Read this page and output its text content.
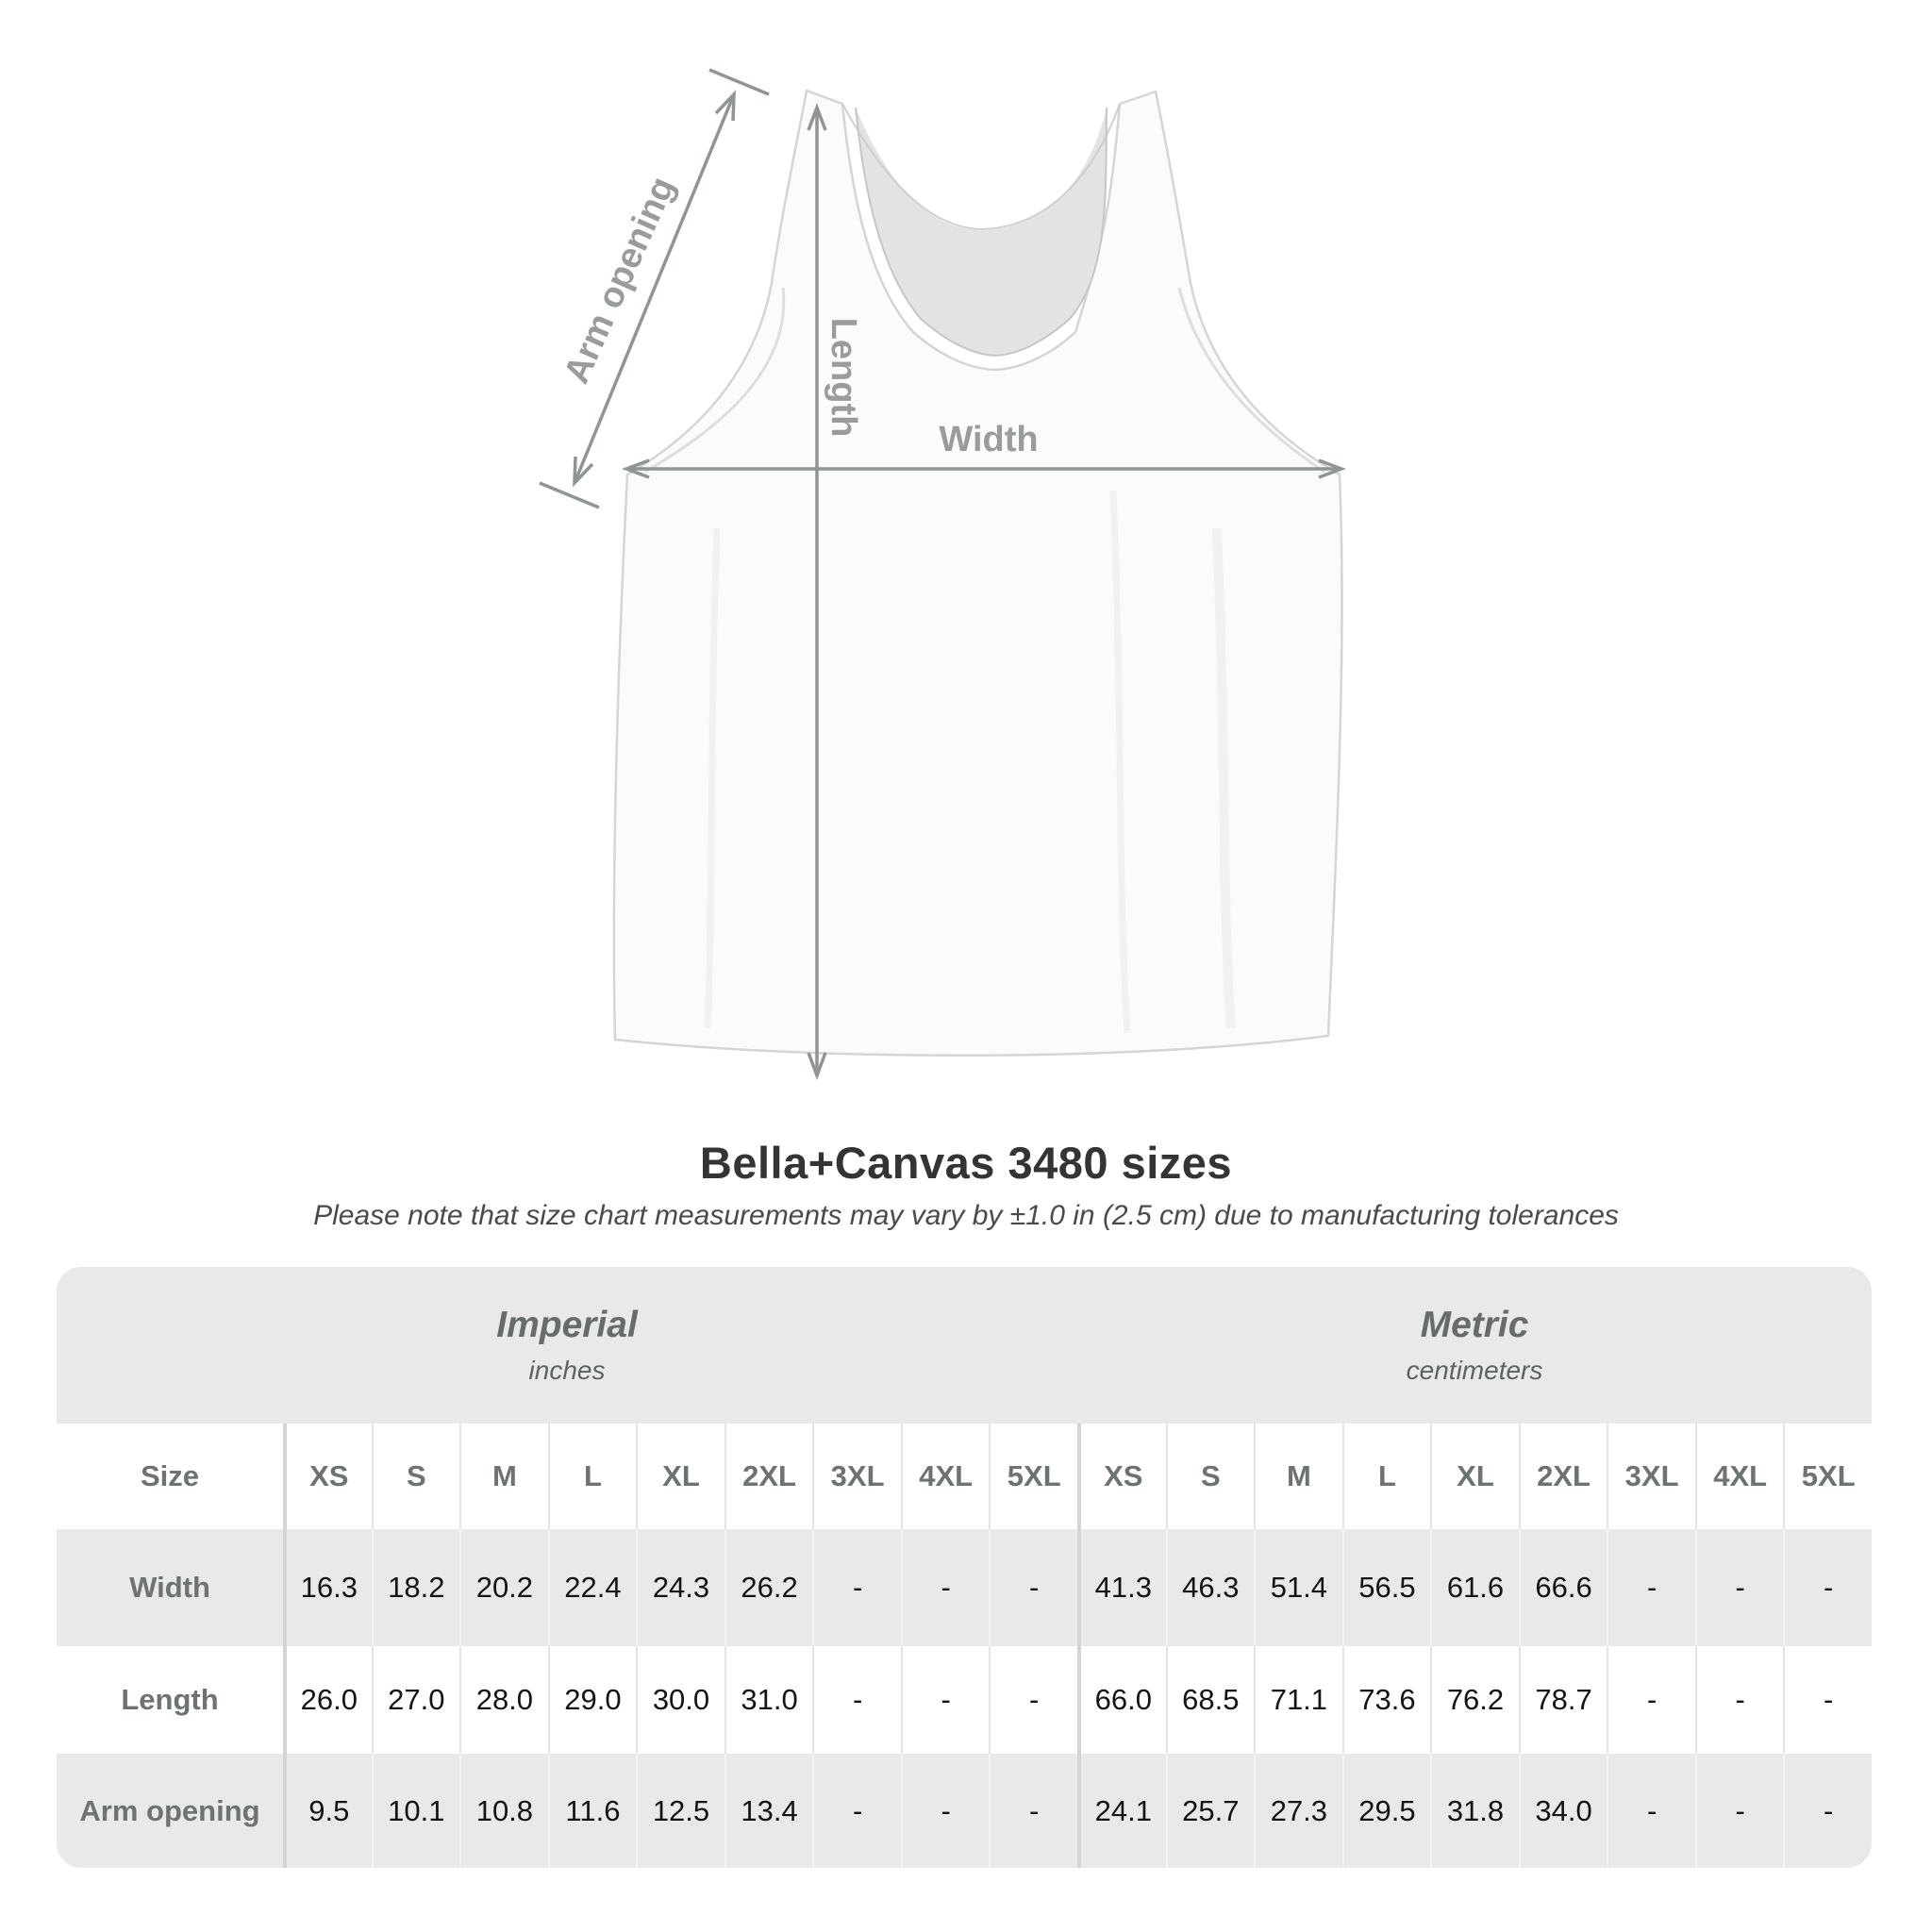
Arm opening	Length
Width
Bella+Canvas 3480 sizes

Please note that size chart measurements may vary by ±1.0 in (2.5 cm) due to manufacturing tolerances

Imperial
inches
Metric
centimeters
Size	XS	S	M	L	XL	2XL	3XL	4XL	5XL	XS	S	M	L	XL	2XL	3XL	4XL	5XL
Width	16.3	18.2	20.2	22.4	24.3	26.2	-	-	-	41.3	46.3	51.4	56.5	61.6	66.6	-	-	-
Length	26.0	27.0	28.0	29.0	30.0	31.0	-	-	-	66.0	68.5	71.1	73.6	76.2	78.7	-	-	-
Arm opening	9.5	10.1	10.8	11.6	12.5	13.4	-	-	-	24.1	25.7	27.3	29.5	31.8	34.0	-	-	-
